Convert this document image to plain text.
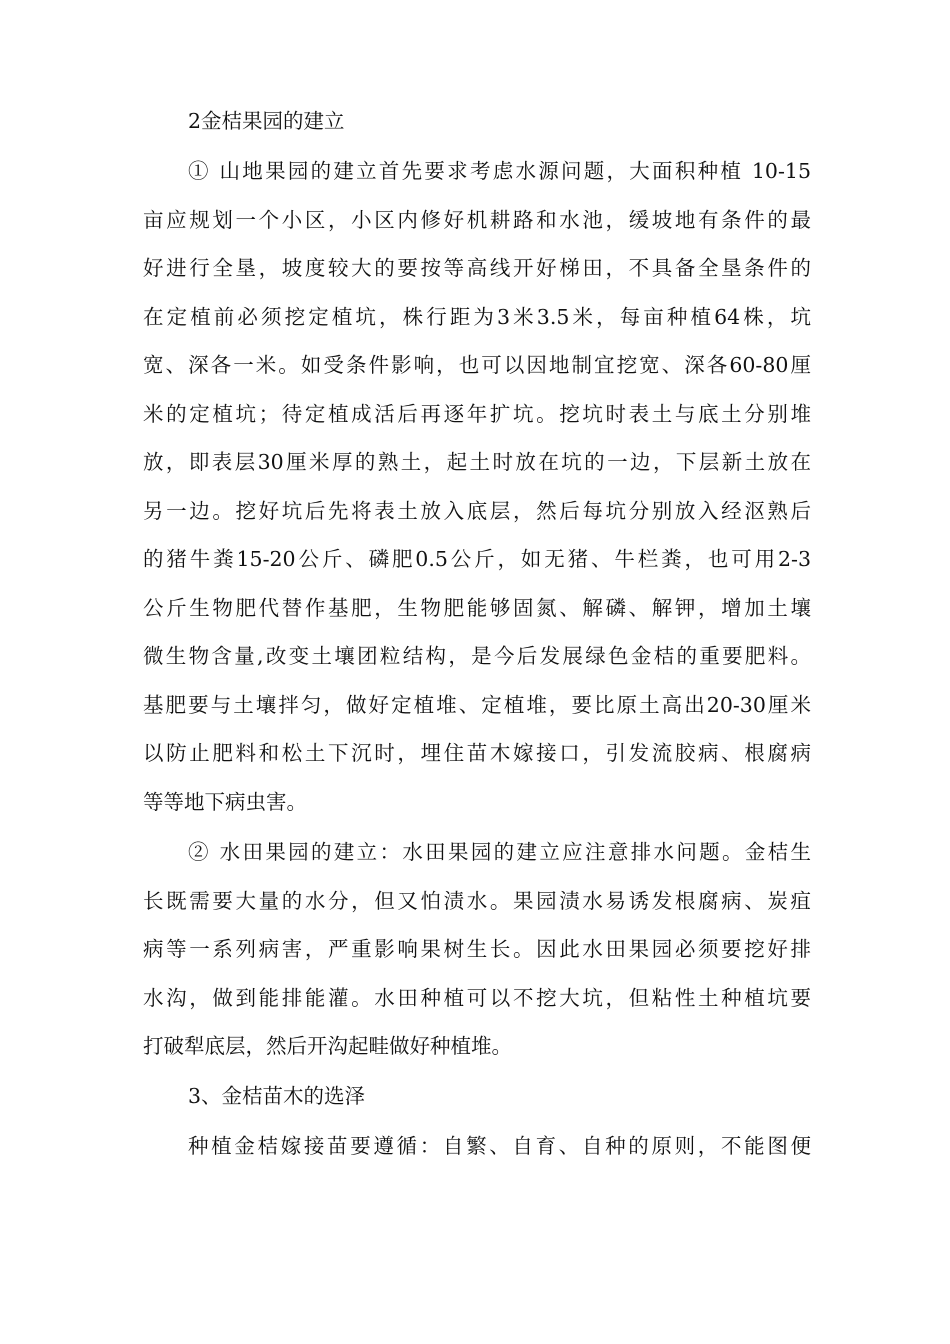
2金桔果园的建立
① 山地果园的建立首先要求考虑水源问题，大面积种植 10-15
亩应规划一个小区，小区内修好机耕路和水池，缓坡地有条件的最
好进行全垦，坡度较大的要按等高线开好梯田，不具备全垦条件的
在定植前必须挖定植坑，株行距为3米3.5米，每亩种植64株，坑
宽、深各一米。如受条件影响，也可以因地制宜挖宽、深各60-80厘
米的定植坑；待定植成活后再逐年扩坑。挖坑时表土与底土分别堆
放，即表层30厘米厚的熟土，起土时放在坑的一边，下层新土放在
另一边。挖好坑后先将表土放入底层，然后每坑分别放入经沤熟后
的猪牛粪15-20公斤、磷肥0.5公斤，如无猪、牛栏粪，也可用2-3
公斤生物肥代替作基肥，生物肥能够固氮、解磷、解钾，增加土壤
微生物含量,改变土壤团粒结构，是今后发展绿色金桔的重要肥料。
基肥要与土壤拌匀，做好定植堆、定植堆，要比原土高出20-30厘米
以防止肥料和松土下沉时，埋住苗木嫁接口，引发流胶病、根腐病
等等地下病虫害。
② 水田果园的建立：水田果园的建立应注意排水问题。金桔生
长既需要大量的水分，但又怕渍水。果园渍水易诱发根腐病、炭疽
病等一系列病害，严重影响果树生长。因此水田果园必须要挖好排
水沟，做到能排能灌。水田种植可以不挖大坑，但粘性土种植坑要
打破犁底层，然后开沟起畦做好种植堆。
3、金桔苗木的选泽
种植金桔嫁接苗要遵循：自繁、自育、自种的原则，不能图便
